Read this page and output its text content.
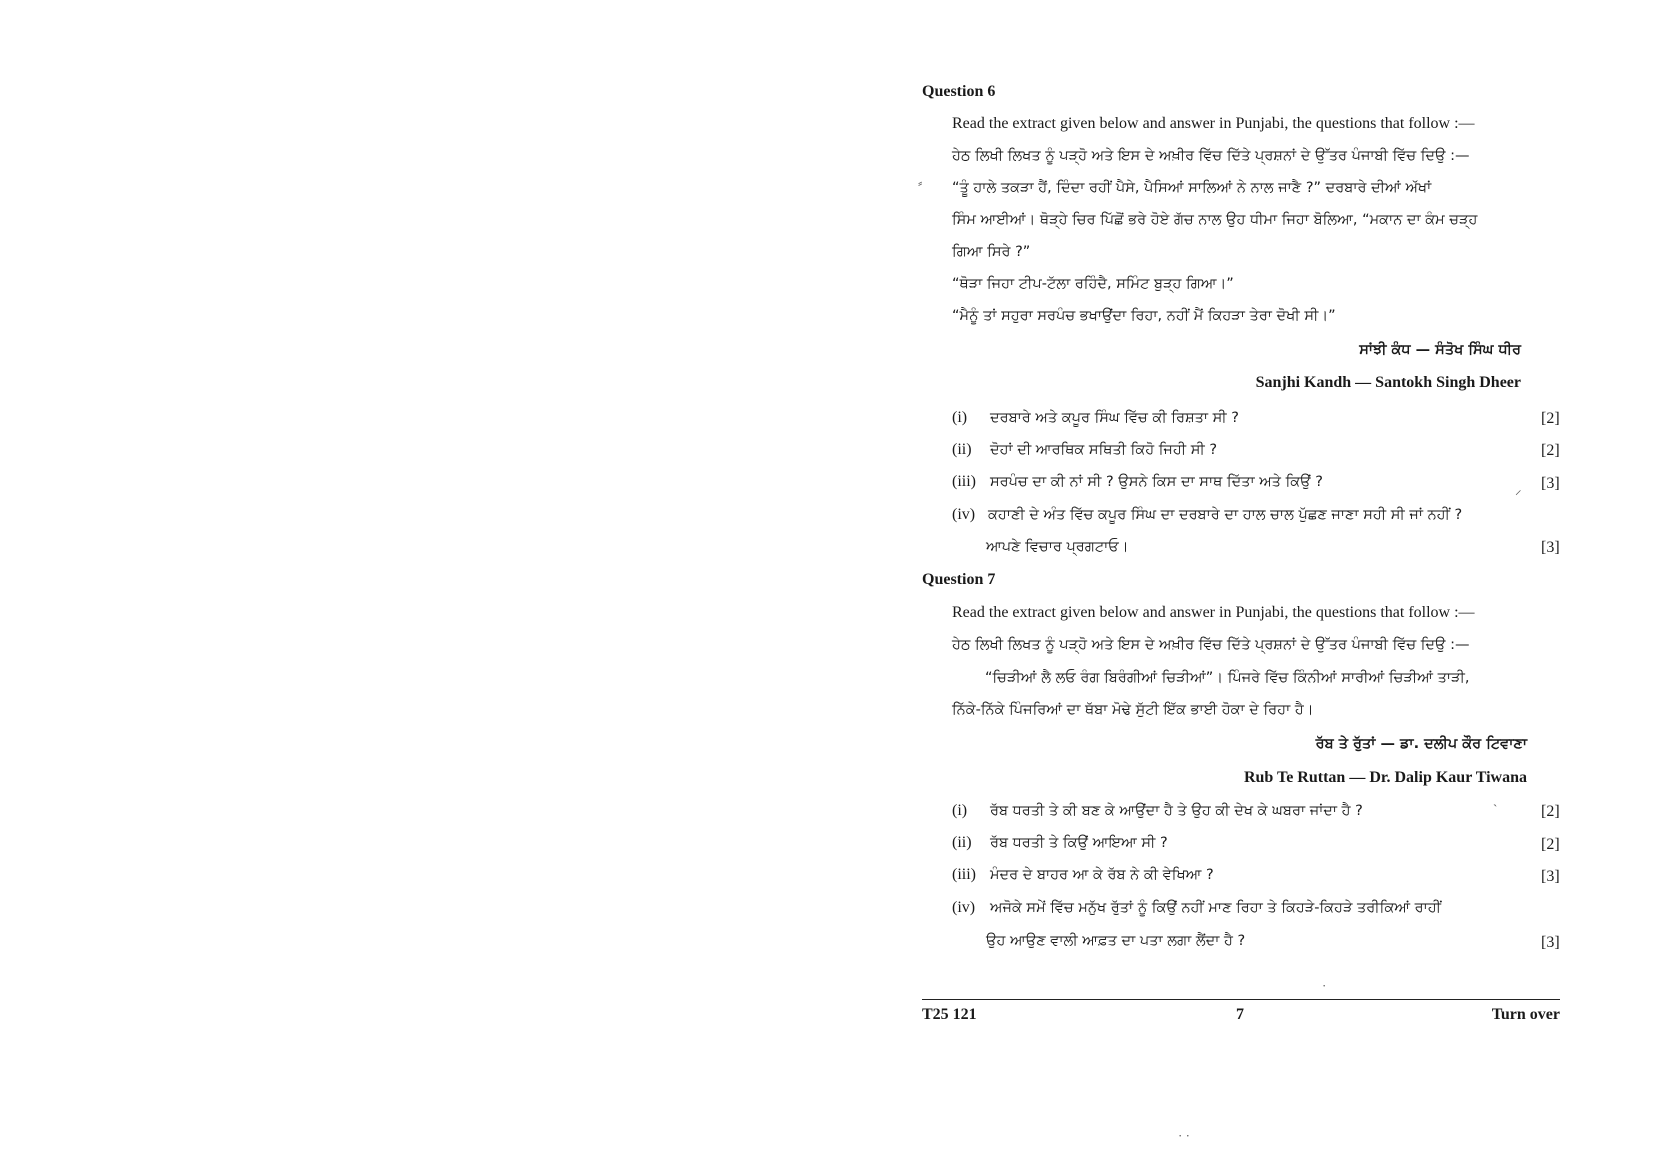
Question 6
Read the extract given below and answer in Punjabi, the questions that follow :—
ਹੇਠ ਲਿਖੀ ਲਿਖਤ ਨੂੰ ਪੜ੍ਹੋ ਅਤੇ ਇਸ ਦੇ ਅਖ਼ੀਰ ਵਿੱਚ ਦਿੱਤੇ ਪ੍ਰਸ਼ਨਾਂ ਦੇ ਉੱਤਰ ਪੰਜਾਬੀ ਵਿੱਚ ਦਿਉ :—
“ਤੂੰ ਹਾਲੇ ਤਕੜਾ ਹੈਂ, ਦਿੰਦਾ ਰਹੀਂ ਪੈਸੇ, ਪੈਸਿਆਂ ਸਾਲਿਆਂ ਨੇ ਨਾਲ ਜਾਣੈ ?” ਦਰਬਾਰੇ ਦੀਆਂ ਅੱਖਾਂ
ਸਿੰਮ ਆਈਆਂ। ਥੋੜ੍ਹੇ ਚਿਰ ਪਿੱਛੋਂ ਭਰੇ ਹੋਏ ਗੱਚ ਨਾਲ ਉਹ ਧੀਮਾ ਜਿਹਾ ਬੋਲਿਆ, “ਮਕਾਨ ਦਾ ਕੰਮ ਚੜ੍ਹ
ਗਿਆ ਸਿਰੇ ?”
“ਥੋੜਾ ਜਿਹਾ ਟੀਪ-ਟੱਲਾ ਰਹਿੰਦੈ, ਸਮਿੰਟ ਬੁੜ੍ਹ ਗਿਆ।”
“ਮੈਨੂੰ ਤਾਂ ਸਹੁਰਾ ਸਰਪੰਚ ਭਖਾਉਂਦਾ ਰਿਹਾ, ਨਹੀਂ ਮੈਂ ਕਿਹੜਾ ਤੇਰਾ ਦੋਖੀ ਸੀ।”
ਸਾਂਝੀ ਕੰਧ — ਸੰਤੋਖ ਸਿੰਘ ਧੀਰ
Sanjhi Kandh — Santokh Singh Dheer
(i) ਦਰਬਾਰੇ ਅਤੇ ਕਪੂਰ ਸਿੰਘ ਵਿੱਚ ਕੀ ਰਿਸ਼ਤਾ ਸੀ ?	[2]
(ii) ਦੋਹਾਂ ਦੀ ਆਰਥਿਕ ਸਥਿਤੀ ਕਿਹੋ ਜਿਹੀ ਸੀ ?	[2]
(iii) ਸਰਪੰਚ ਦਾ ਕੀ ਨਾਂ ਸੀ ? ਉਸਨੇ ਕਿਸ ਦਾ ਸਾਥ ਦਿੱਤਾ ਅਤੇ ਕਿਉਂ ?	[3]
(iv) ਕਹਾਣੀ ਦੇ ਅੰਤ ਵਿੱਚ ਕਪੂਰ ਸਿੰਘ ਦਾ ਦਰਬਾਰੇ ਦਾ ਹਾਲ ਚਾਲ ਪੁੱਛਣ ਜਾਣਾ ਸਹੀ ਸੀ ਜਾਂ ਨਹੀਂ ?
ਆਪਣੇ ਵਿਚਾਰ ਪ੍ਰਗਟਾਓ।	[3]
Question 7
Read the extract given below and answer in Punjabi, the questions that follow :—
ਹੇਠ ਲਿਖੀ ਲਿਖਤ ਨੂੰ ਪੜ੍ਹੋ ਅਤੇ ਇਸ ਦੇ ਅਖ਼ੀਰ ਵਿੱਚ ਦਿੱਤੇ ਪ੍ਰਸ਼ਨਾਂ ਦੇ ਉੱਤਰ ਪੰਜਾਬੀ ਵਿੱਚ ਦਿਉ :—
“ਚਿੜੀਆਂ ਲੈ ਲਓ ਰੰਗ ਬਿਰੰਗੀਆਂ ਚਿੜੀਆਂ”। ਪਿੰਜਰੇ ਵਿੱਚ ਕਿੰਨੀਆਂ ਸਾਰੀਆਂ ਚਿੜੀਆਂ ਤਾੜੀ,
ਨਿੱਕੇ-ਨਿੱਕੇ ਪਿੰਜਰਿਆਂ ਦਾ ਥੱਬਾ ਮੋਢੇ ਸੁੱਟੀ ਇੱਕ ਭਾਈ ਹੋਕਾ ਦੇ ਰਿਹਾ ਹੈ।
ਰੱਬ ਤੇ ਰੁੱਤਾਂ — ਡਾ. ਦਲੀਪ ਕੌਰ ਟਿਵਾਣਾ
Rub Te Ruttan — Dr. Dalip Kaur Tiwana
(i) ਰੱਬ ਧਰਤੀ ਤੇ ਕੀ ਬਣ ਕੇ ਆਉਂਦਾ ਹੈ ਤੇ ਉਹ ਕੀ ਦੇਖ ਕੇ ਘਬਰਾ ਜਾਂਦਾ ਹੈ ?	[2]
(ii) ਰੱਬ ਧਰਤੀ ਤੇ ਕਿਉਂ ਆਇਆ ਸੀ ?	[2]
(iii) ਮੰਦਰ ਦੇ ਬਾਹਰ ਆ ਕੇ ਰੱਬ ਨੇ ਕੀ ਵੇਖਿਆ ?	[3]
(iv) ਅਜੋਕੇ ਸਮੇਂ ਵਿੱਚ ਮਨੁੱਖ ਰੁੱਤਾਂ ਨੂੰ ਕਿਉਂ ਨਹੀਂ ਮਾਣ ਰਿਹਾ ਤੇ ਕਿਹੜੇ-ਕਿਹੜੇ ਤਰੀਕਿਆਂ ਰਾਹੀਂ
ਉਹ ਆਉਣ ਵਾਲੀ ਆਫ਼ਤ ਦਾ ਪਤਾ ਲਗਾ ਲੈਂਦਾ ਹੈ ?	[3]
⸗
⸝
ˏ
·
· ·
T25 121	7	Turn over
